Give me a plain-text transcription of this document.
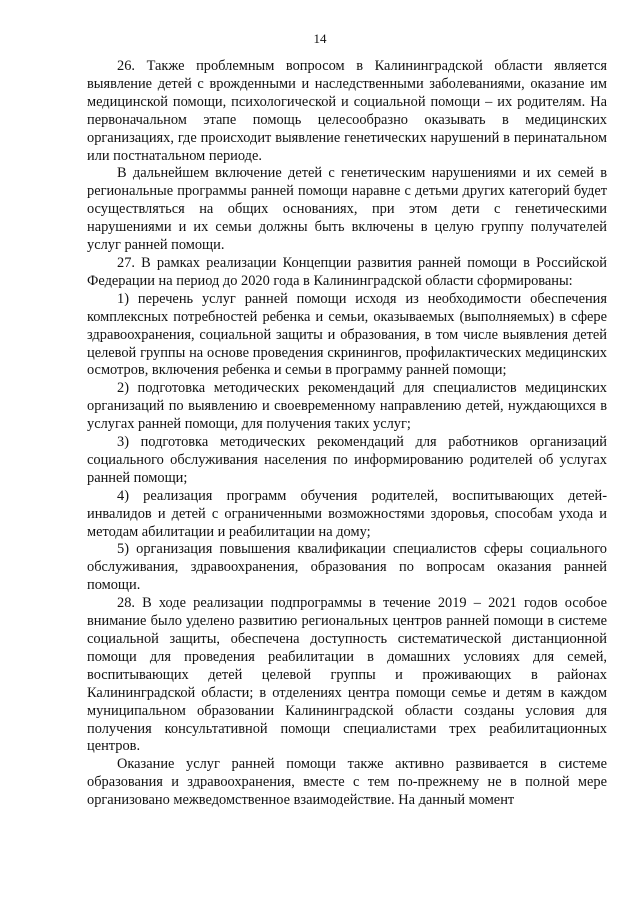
14

26. Также проблемным вопросом в Калининградской области является выявление детей с врожденными и наследственными заболеваниями, оказание им медицинской помощи, психологической и социальной помощи – их родителям. На первоначальном этапе помощь целесообразно оказывать в медицинских организациях, где происходит выявление генетических нарушений в перинатальном или постнатальном периоде.

В дальнейшем включение детей с генетическим нарушениями и их семей в региональные программы ранней помощи наравне с детьми других категорий будет осуществляться на общих основаниях, при этом дети с генетическими нарушениями и их семьи должны быть включены в целую группу получателей услуг ранней помощи.

27. В рамках реализации Концепции развития ранней помощи в Российской Федерации на период до 2020 года в Калининградской области сформированы:

1) перечень услуг ранней помощи исходя из необходимости обеспечения комплексных потребностей ребенка и семьи, оказываемых (выполняемых) в сфере здравоохранения, социальной защиты и образования, в том числе выявления детей целевой группы на основе проведения скринингов, профилактических медицинских осмотров, включения ребенка и семьи в программу ранней помощи;

2) подготовка методических рекомендаций для специалистов медицинских организаций по выявлению и своевременному направлению детей, нуждающихся в услугах ранней помощи, для получения таких услуг;

3) подготовка методических рекомендаций для работников организаций социального обслуживания населения по информированию родителей об услугах ранней помощи;

4) реализация программ обучения родителей, воспитывающих детей-инвалидов и детей с ограниченными возможностями здоровья, способам ухода и методам абилитации и реабилитации на дому;

5) организация повышения квалификации специалистов сферы социального обслуживания, здравоохранения, образования по вопросам оказания ранней помощи.

28. В ходе реализации подпрограммы в течение 2019 – 2021 годов особое внимание было уделено развитию региональных центров ранней помощи в системе социальной защиты, обеспечена доступность систематической дистанционной помощи для проведения реабилитации в домашних условиях для семей, воспитывающих детей целевой группы и проживающих в районах Калининградской области; в отделениях центра помощи семье и детям в каждом муниципальном образовании Калининградской области созданы условия для получения консультативной помощи специалистами трех реабилитационных центров.

Оказание услуг ранней помощи также активно развивается в системе образования и здравоохранения, вместе с тем по-прежнему не в полной мере организовано межведомственное взаимодействие. На данный момент
